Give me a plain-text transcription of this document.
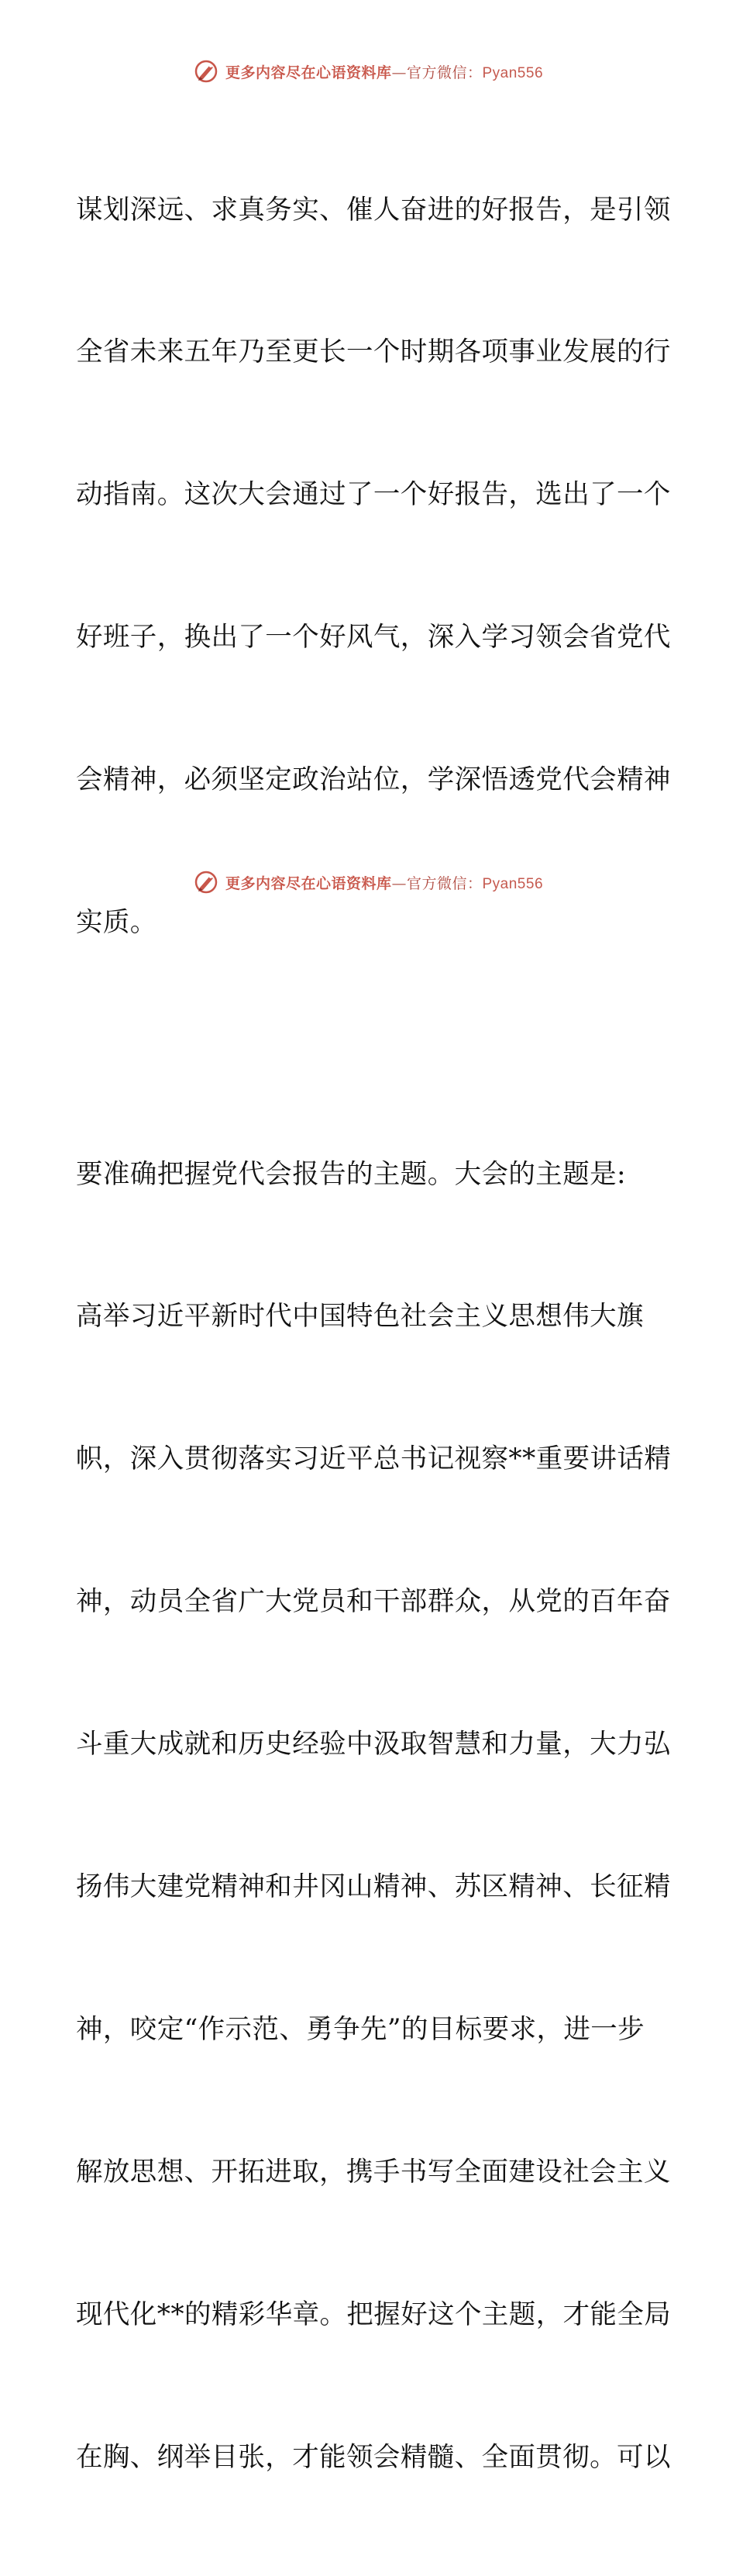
更多内容尽在心语资料库—官方微信：Pyan556

谋划深远、求真务实、催人奋进的好报告，是引领

全省未来五年乃至更长一个时期各项事业发展的行

动指南。这次大会通过了一个好报告，选出了一个

好班子，换出了一个好风气，深入学习领会省党代

会精神，必须坚定政治站位，学深悟透党代会精神

实质。

要准确把握党代会报告的主题。大会的主题是:

高举习近平新时代中国特色社会主义思想伟大旗

帜，深入贯彻落实习近平总书记视察**重要讲话精

神，动员全省广大党员和干部群众，从党的百年奋

斗重大成就和历史经验中汲取智慧和力量，大力弘

扬伟大建党精神和井冈山精神、苏区精神、长征精

神，咬定“作示范、勇争先”的目标要求，进一步

解放思想、开拓进取，携手书写全面建设社会主义

现代化**的精彩华章。把握好这个主题，才能全局

在胸、纲举目张，才能领会精髓、全面贯彻。可以

更多内容尽在心语资料库—官方微信：Pyan556
